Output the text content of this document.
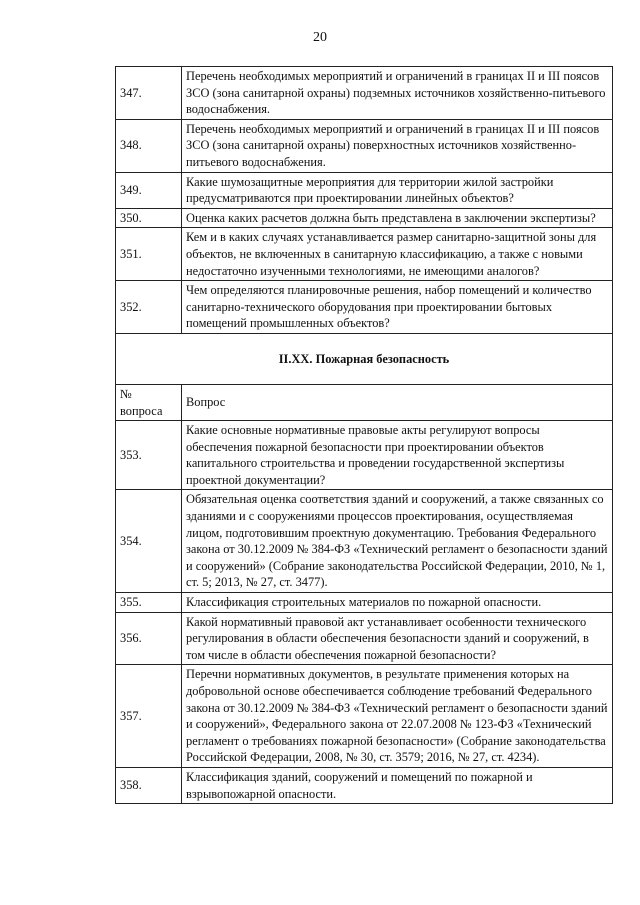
20
347.	Перечень необходимых мероприятий и ограничений в границах II и III поясов ЗСО (зона санитарной охраны) подземных источников хозяйственно-питьевого водоснабжения.
348.	Перечень необходимых мероприятий и ограничений в границах II и III поясов ЗСО (зона санитарной охраны) поверхностных источников хозяйственно-питьевого водоснабжения.
349.	Какие шумозащитные мероприятия для территории жилой застройки предусматриваются при проектировании линейных объектов?
350.	Оценка каких расчетов должна быть представлена в заключении экспертизы?
351.	Кем и в каких случаях устанавливается размер санитарно-защитной зоны для объектов, не включенных в санитарную классификацию, а также с новыми недостаточно изученными технологиями, не имеющими аналогов?
352.	Чем определяются планировочные решения, набор помещений и количество санитарно-технического оборудования при проектировании бытовых помещений промышленных объектов?
II.XX. Пожарная безопасность	
№ вопроса	Вопрос
353.	Какие основные нормативные правовые акты регулируют вопросы обеспечения пожарной безопасности при проектировании объектов капитального строительства и проведении государственной экспертизы проектной документации?
354.	Обязательная оценка соответствия зданий и сооружений, а также связанных со зданиями и с сооружениями процессов проектирования, осуществляемая лицом, подготовившим проектную документацию. Требования Федерального закона от 30.12.2009 № 384-ФЗ «Технический регламент о безопасности зданий и сооружений» (Собрание законодательства Российской Федерации, 2010, № 1, ст. 5; 2013, № 27, ст. 3477).
355.	Классификация строительных материалов по пожарной опасности.
356.	Какой нормативный правовой акт устанавливает особенности технического регулирования в области обеспечения безопасности зданий и сооружений, в том числе в области обеспечения пожарной безопасности?
357.	Перечни нормативных документов, в результате применения которых на добровольной основе обеспечивается соблюдение требований Федерального закона от 30.12.2009 № 384-ФЗ «Технический регламент о безопасности зданий и сооружений», Федерального закона от 22.07.2008 № 123-ФЗ «Технический регламент о требованиях пожарной безопасности» (Собрание законодательства Российской Федерации, 2008, № 30, ст. 3579; 2016, № 27, ст. 4234).
358.	Классификация зданий, сооружений и помещений по пожарной и взрывопожарной опасности.
